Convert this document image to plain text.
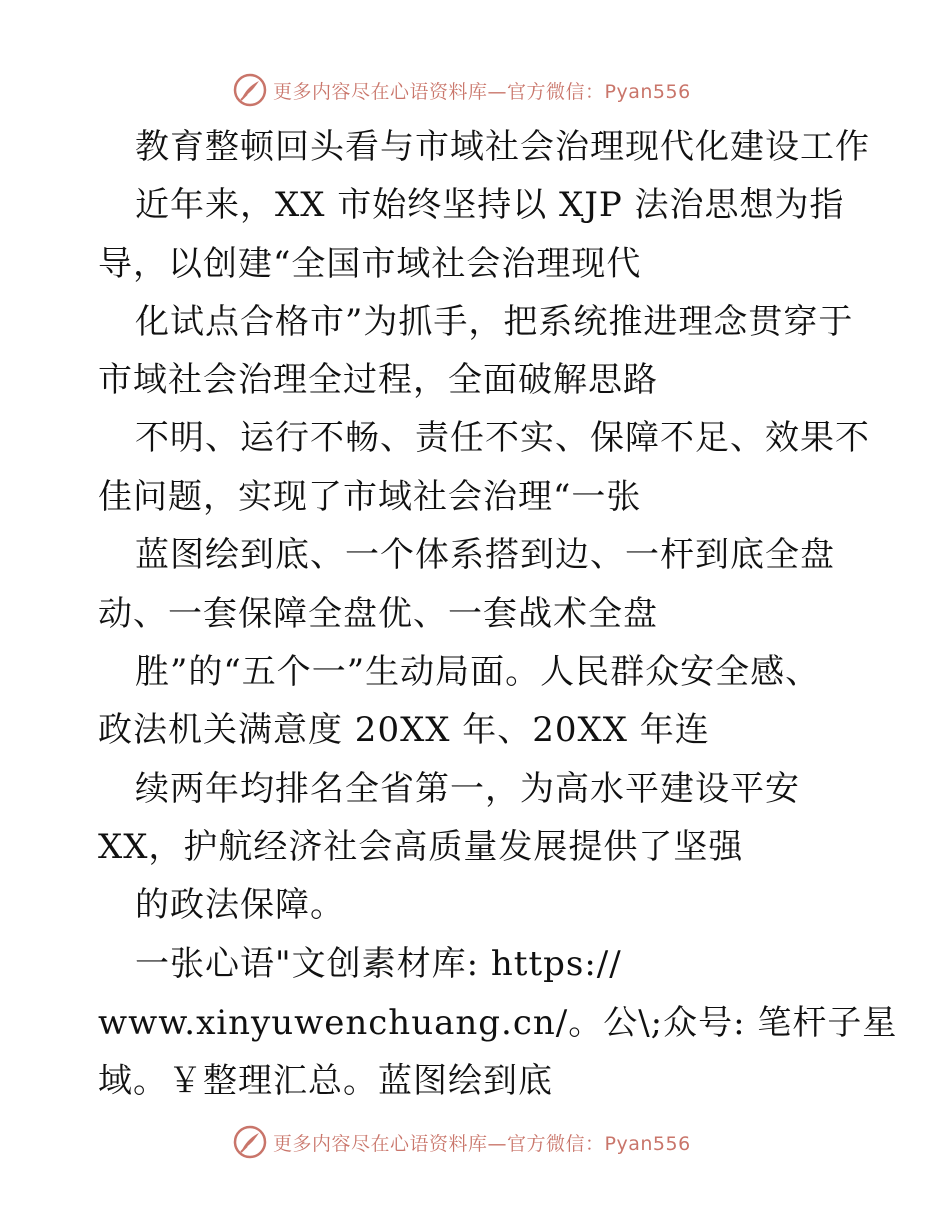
更多内容尽在心语资料库—官方微信：Pyan556
教育整顿回头看与市域社会治理现代化建设工作
近年来，XX 市始终坚持以 XJP 法治思想为指
导，以创建“全国市域社会治理现代
化试点合格市”为抓手，把系统推进理念贯穿于
市域社会治理全过程，全面破解思路
不明、运行不畅、责任不实、保障不足、效果不
佳问题，实现了市域社会治理“一张
蓝图绘到底、一个体系搭到边、一杆到底全盘
动、一套保障全盘优、一套战术全盘
胜”的“五个一”生动局面。人民群众安全感、
政法机关满意度 20XX 年、20XX 年连
续两年均排名全省第一，为高水平建设平安
XX，护航经济社会高质量发展提供了坚强
的政法保障。
一张心语"文创素材库: https://
www.xinyuwenchuang.cn/。公\;众号: 笔杆子星
域。￥整理汇总。蓝图绘到底
更多内容尽在心语资料库—官方微信：Pyan556
